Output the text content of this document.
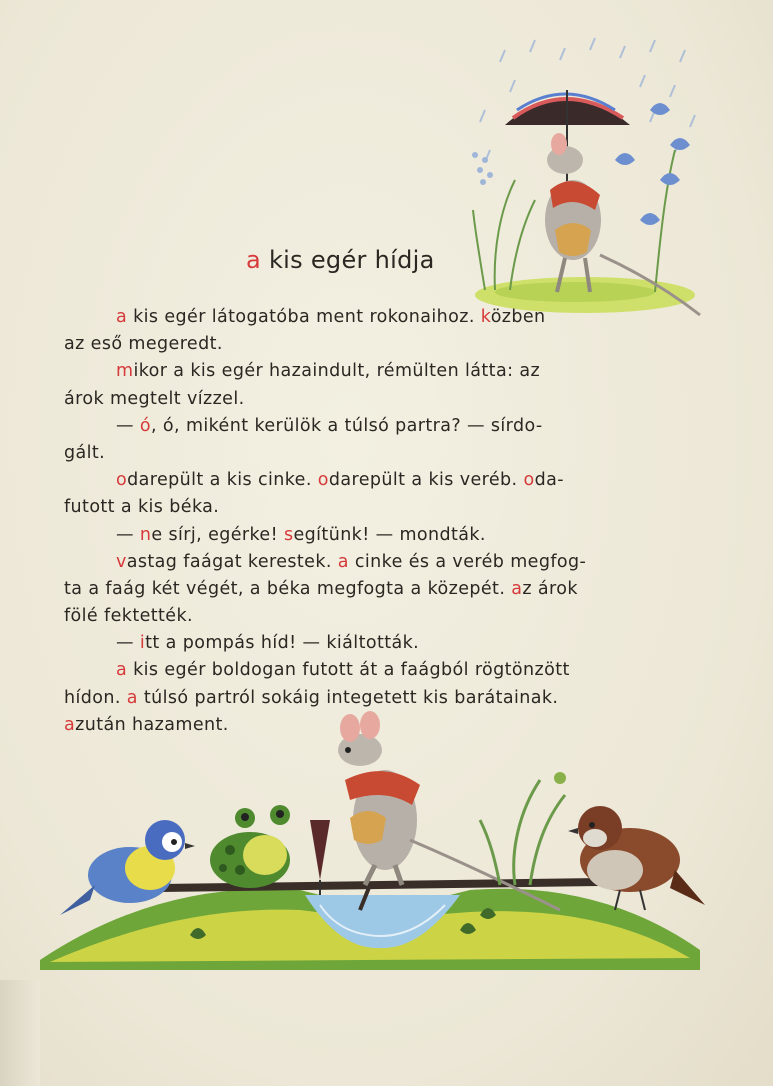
a kis egér hídja
a kis egér látogatóba ment rokonaihoz. közben
az eső megeredt.
mikor a kis egér hazaindult, rémülten látta: az
árok megtelt vízzel.
— ó, ó, miként kerülök a túlsó partra? — sírdo-
gált.
odarepült a kis cinke. odarepült a kis veréb. oda-
futott a kis béka.
— ne sírj, egérke! segítünk! — mondták.
vastag faágat kerestek. a cinke és a veréb megfog-
ta a faág két végét, a béka megfogta a közepét. az árok
fölé fektették.
— itt a pompás híd! — kiáltották.
a kis egér boldogan futott át a faágból rögtönzött
hídon. a túlsó partról sokáig integetett kis barátainak.
azután hazament.
